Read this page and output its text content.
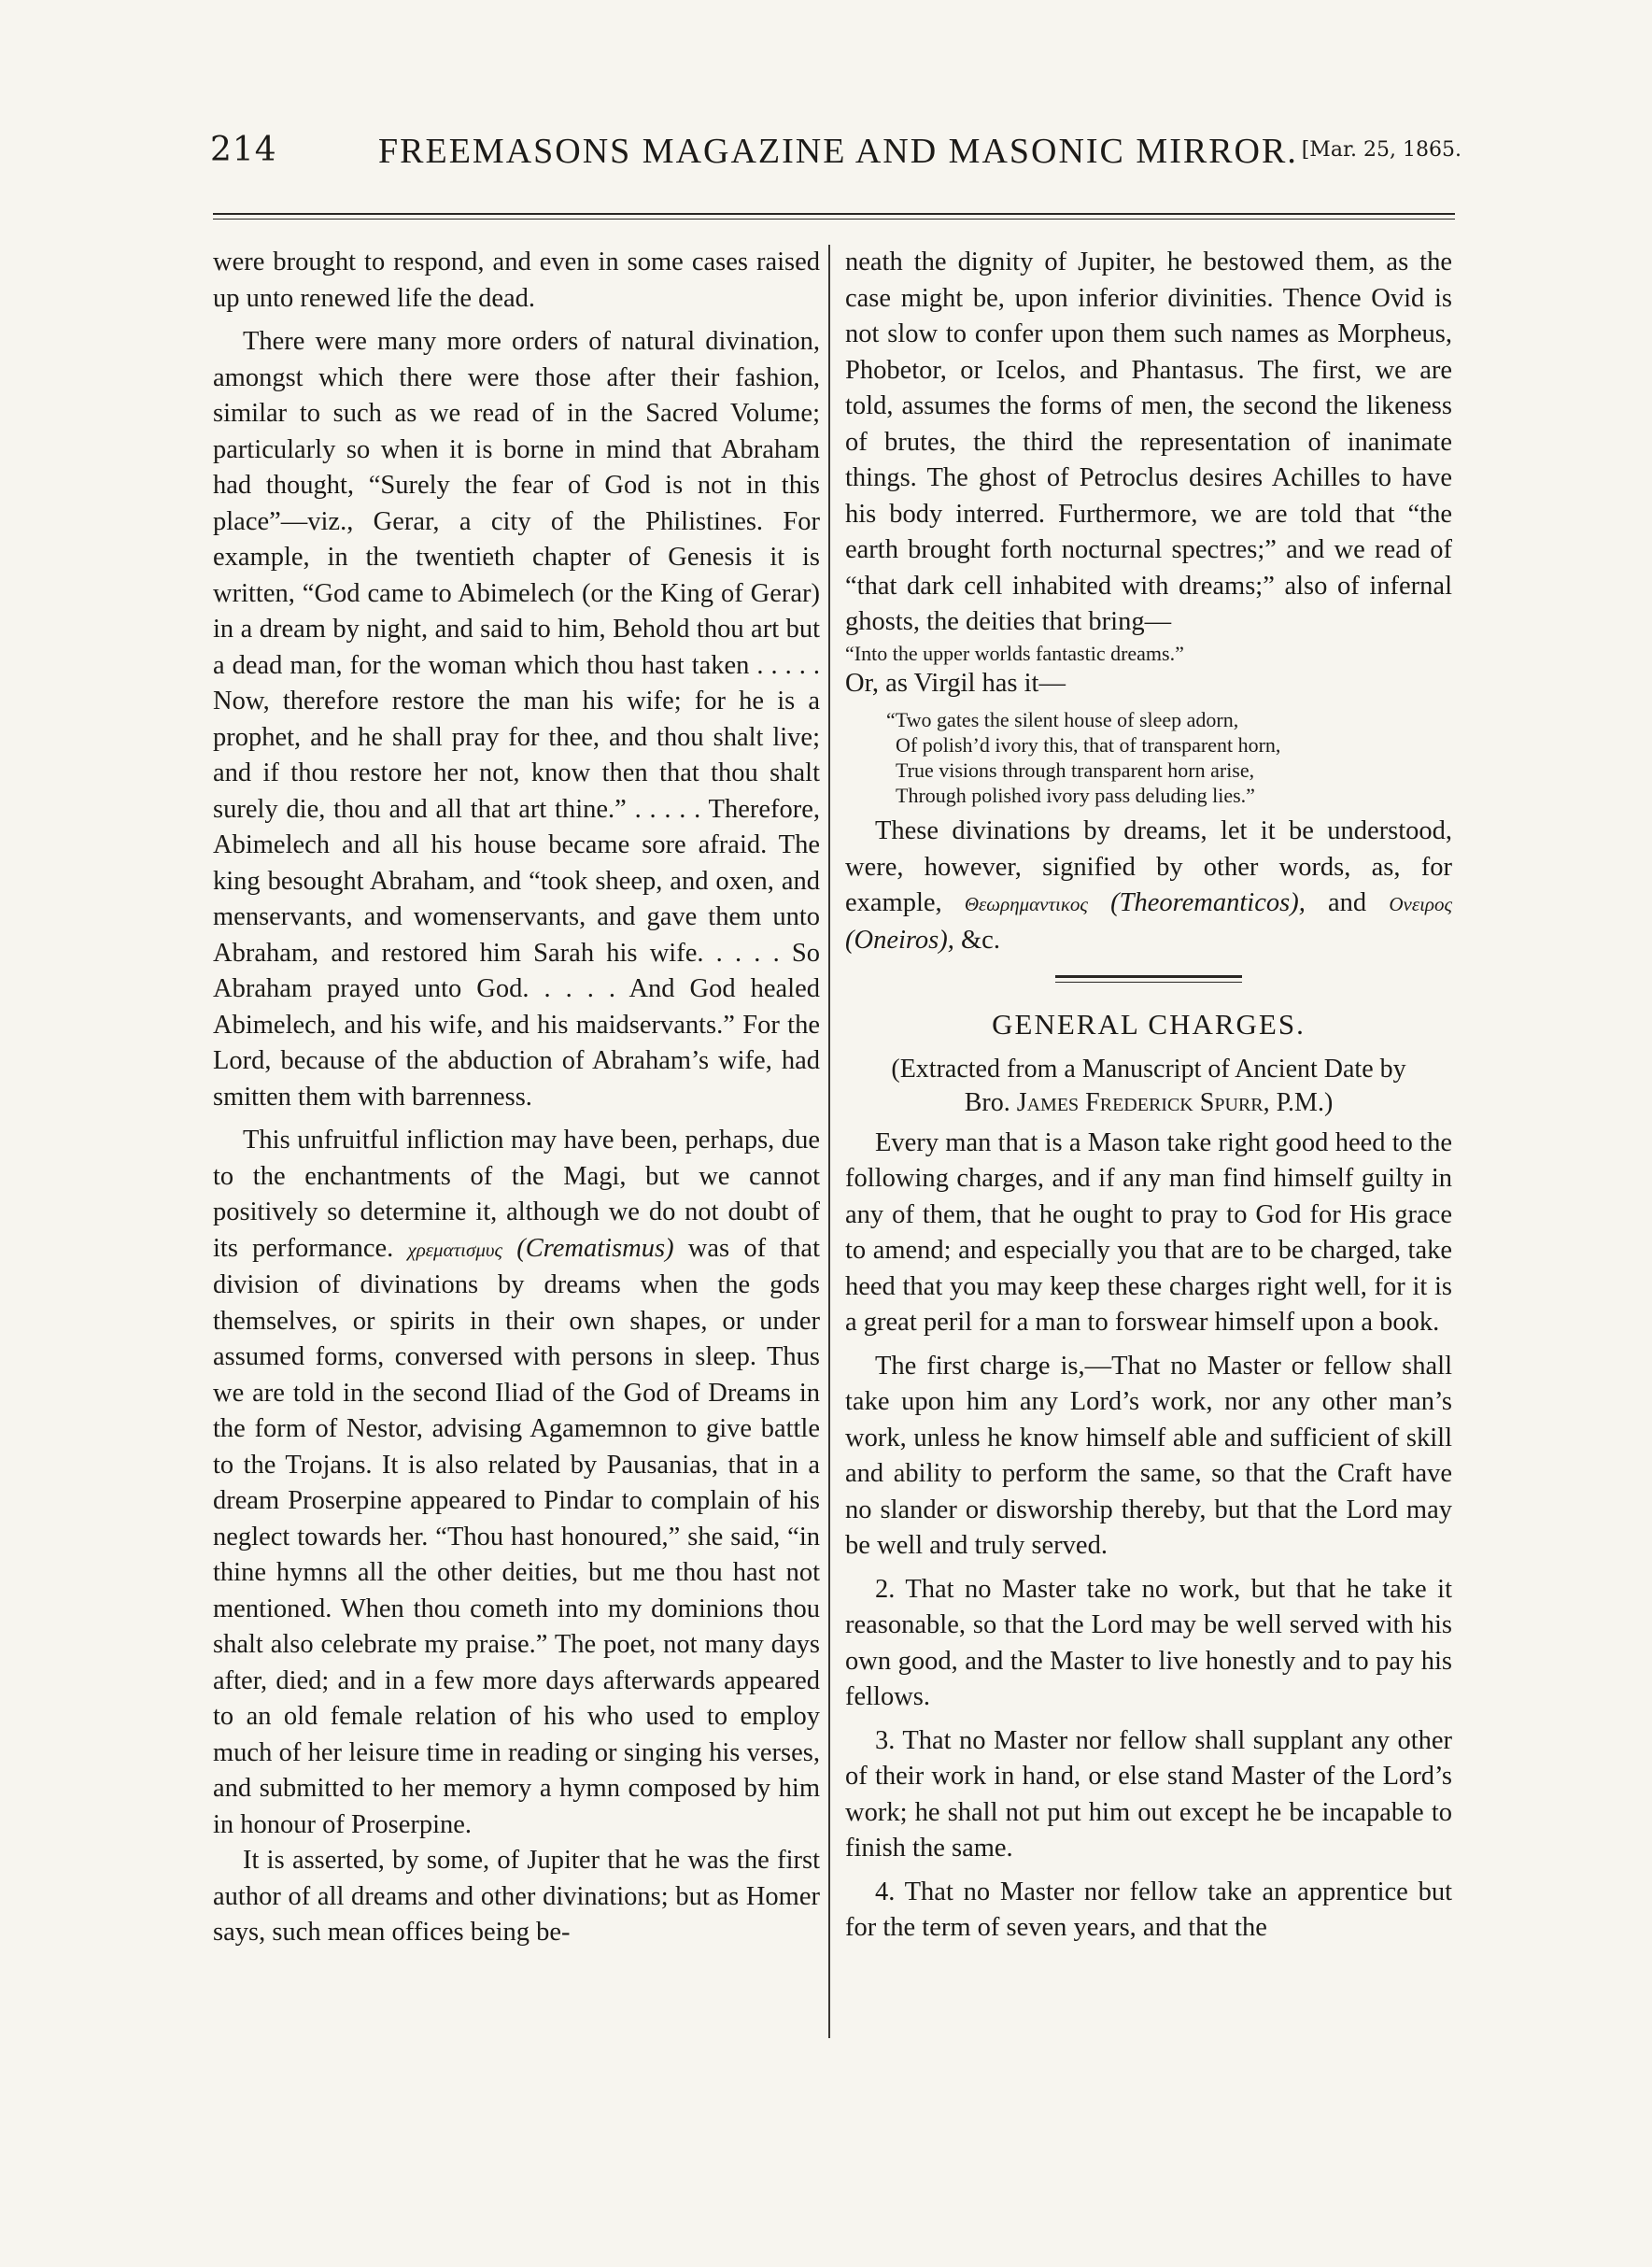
214	FREEMASONS MAGAZINE AND MASONIC MIRROR. [Mar. 25, 1865.

were brought to respond, and even in some cases raised up unto renewed life the dead.

There were many more orders of natural divination, amongst which there were those after their fashion, similar to such as we read of in the Sacred Volume; particularly so when it is borne in mind that Abraham had thought, “Surely the fear of God is not in this place”—viz., Gerar, a city of the Philistines. For example, in the twentieth chapter of Genesis it is written, “God came to Abimelech (or the King of Gerar) in a dream by night, and said to him, Behold thou art but a dead man, for the woman which thou hast taken . . . . . Now, therefore restore the man his wife; for he is a prophet, and he shall pray for thee, and thou shalt live; and if thou restore her not, know then that thou shalt surely die, thou and all that art thine.” . . . . . Therefore, Abimelech and all his house became sore afraid. The king besought Abraham, and “took sheep, and oxen, and menservants, and womenservants, and gave them unto Abraham, and restored him Sarah his wife. . . . . So Abraham prayed unto God. . . . . And God healed Abimelech, and his wife, and his maidservants.” For the Lord, because of the abduction of Abraham’s wife, had smitten them with barrenness.

This unfruitful infliction may have been, perhaps, due to the enchantments of the Magi, but we cannot positively so determine it, although we do not doubt of its performance. χρεματισμυς (Crematismus) was of that division of divinations by dreams when the gods themselves, or spirits in their own shapes, or under assumed forms, conversed with persons in sleep. Thus we are told in the second Iliad of the God of Dreams in the form of Nestor, advising Agamemnon to give battle to the Trojans. It is also related by Pausanias, that in a dream Proserpine appeared to Pindar to complain of his neglect towards her. “Thou hast honoured,” she said, “in thine hymns all the other deities, but me thou hast not mentioned. When thou cometh into my dominions thou shalt also celebrate my praise.” The poet, not many days after, died; and in a few more days afterwards appeared to an old female relation of his who used to employ much of her leisure time in reading or singing his verses, and submitted to her memory a hymn composed by him in honour of Proserpine.

It is asserted, by some, of Jupiter that he was the first author of all dreams and other divinations; but as Homer says, such mean offices being be-

neath the dignity of Jupiter, he bestowed them, as the case might be, upon inferior divinities. Thence Ovid is not slow to confer upon them such names as Morpheus, Phobetor, or Icelos, and Phantasus. The first, we are told, assumes the forms of men, the second the likeness of brutes, the third the representation of inanimate things. The ghost of Petroclus desires Achilles to have his body interred. Furthermore, we are told that “the earth brought forth nocturnal spectres;” and we read of “that dark cell inhabited with dreams;” also of infernal ghosts, the deities that bring—

“Into the upper worlds fantastic dreams.”

Or, as Virgil has it—

“Two gates the silent house of sleep adorn,
Of polish’d ivory this, that of transparent horn,
True visions through transparent horn arise,
Through polished ivory pass deluding lies.”

These divinations by dreams, let it be understood, were, however, signified by other words, as, for example, Θεωρημαντικος (Theoremanticos), and Ονειρος (Oneiros), &c.

GENERAL CHARGES.

(Extracted from a Manuscript of Ancient Date by
Bro. James Frederick Spurr, P.M.)

Every man that is a Mason take right good heed to the following charges, and if any man find himself guilty in any of them, that he ought to pray to God for His grace to amend; and especially you that are to be charged, take heed that you may keep these charges right well, for it is a great peril for a man to forswear himself upon a book.

The first charge is,—That no Master or fellow shall take upon him any Lord’s work, nor any other man’s work, unless he know himself able and sufficient of skill and ability to perform the same, so that the Craft have no slander or disworship thereby, but that the Lord may be well and truly served.

2. That no Master take no work, but that he take it reasonable, so that the Lord may be well served with his own good, and the Master to live honestly and to pay his fellows.

3. That no Master nor fellow shall supplant any other of their work in hand, or else stand Master of the Lord’s work; he shall not put him out except he be incapable to finish the same.

4. That no Master nor fellow take an apprentice but for the term of seven years, and that the
